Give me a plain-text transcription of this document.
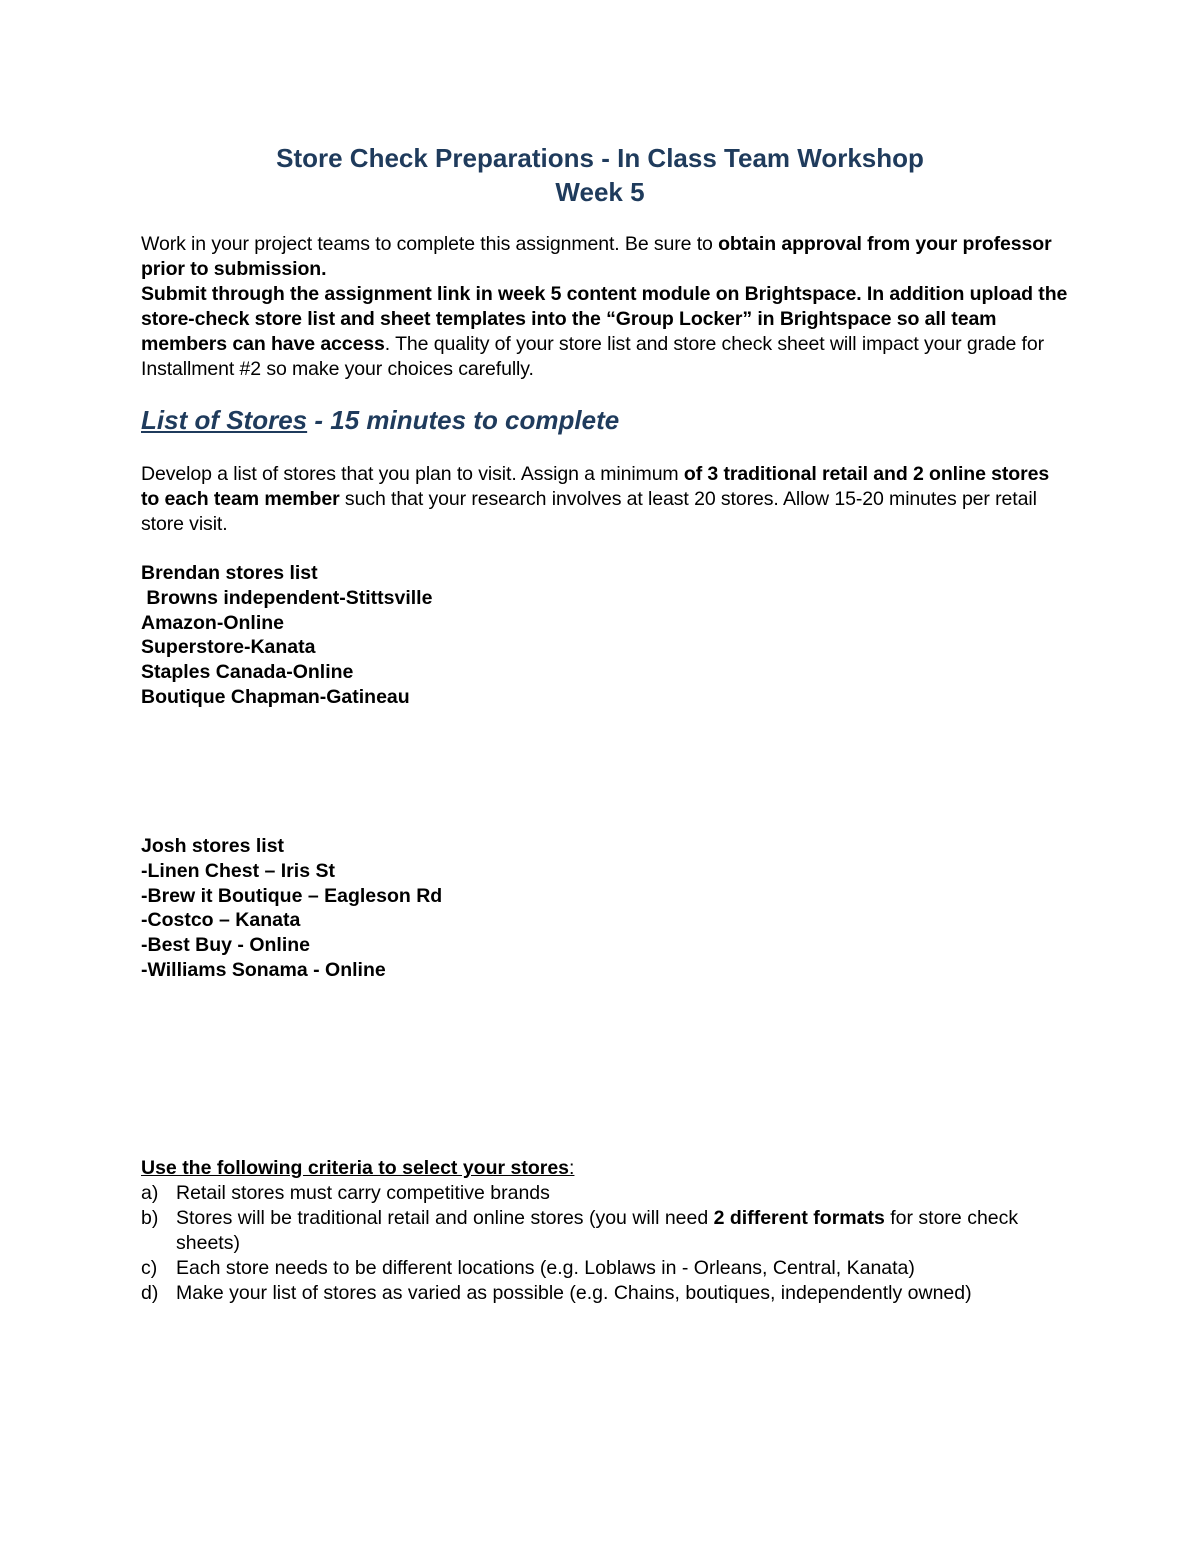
Store Check Preparations - In Class Team Workshop
Week 5
Work in your project teams to complete this assignment. Be sure to obtain approval from your professor prior to submission.
Submit through the assignment link in week 5 content module on Brightspace. In addition upload the store-check store list and sheet templates into the “Group Locker” in Brightspace so all team members can have access. The quality of your store list and store check sheet will impact your grade for Installment #2 so make your choices carefully.
List of Stores - 15 minutes to complete
Develop a list of stores that you plan to visit. Assign a minimum of 3 traditional retail and 2 online stores to each team member such that your research involves at least 20 stores. Allow 15-20 minutes per retail store visit.
Brendan stores list
Browns independent-Stittsville
Amazon-Online
Superstore-Kanata
Staples Canada-Online
Boutique Chapman-Gatineau
Josh stores list
-Linen Chest – Iris St
-Brew it Boutique – Eagleson Rd
-Costco – Kanata
-Best Buy - Online
-Williams Sonama - Online
Use the following criteria to select your stores:
a) Retail stores must carry competitive brands
b) Stores will be traditional retail and online stores (you will need 2 different formats for store check sheets)
c) Each store needs to be different locations (e.g. Loblaws in - Orleans, Central, Kanata)
d) Make your list of stores as varied as possible (e.g. Chains, boutiques, independently owned)
